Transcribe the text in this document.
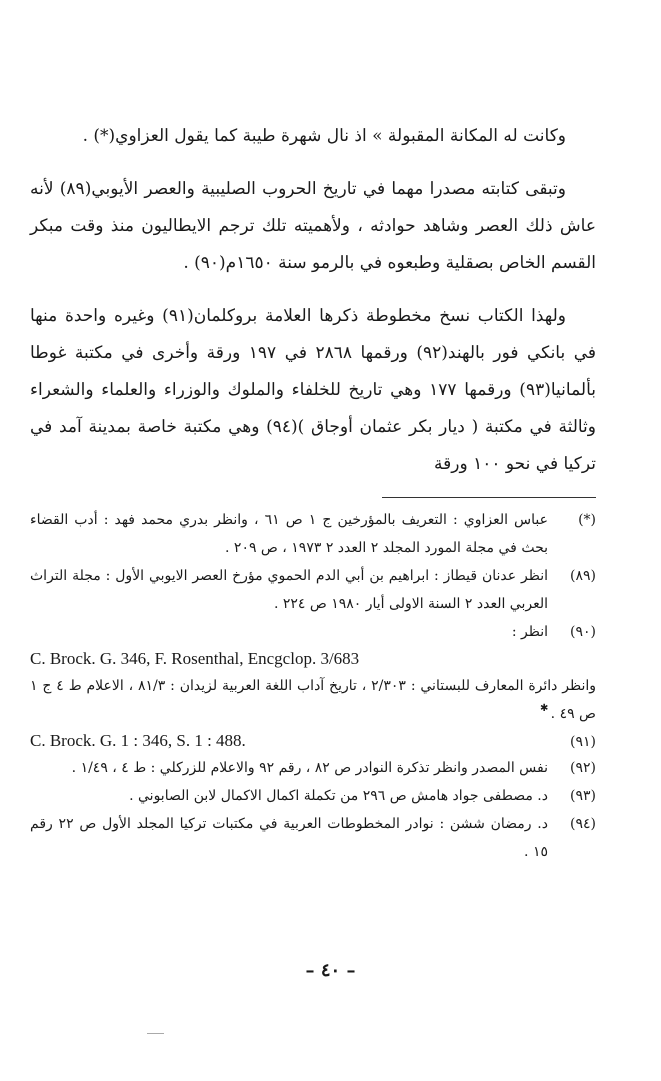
وكانت له المكانة المقبولة » اذ نال شهرة طيبة كما يقول العزاوي(*) .

وتبقى كتابته مصدرا مهما في تاريخ الحروب الصليبية والعصر الأيوبي(٨٩) لأنه عاش ذلك العصر وشاهد حوادثه ، ولأهميته تلك ترجم الايطاليون منذ وقت مبكر القسم الخاص بصقلية وطبعوه في بالرمو سنة ١٦٥٠م(٩٠) .

ولهذا الكتاب نسخ مخطوطة ذكرها العلامة بروكلمان(٩١) وغيره واحدة منها في بانكي فور بالهند(٩٢) ورقمها ٢٨٦٨ في ١٩٧ ورقة وأخرى في مكتبة غوطا بألمانيا(٩٣) ورقمها ١٧٧ وهي تاريخ للخلفاء والملوك والوزراء والعلماء والشعراء وثالثة في مكتبة ( ديار بكر عثمان أوجاق )(٩٤) وهي مكتبة خاصة بمدينة آمد في تركيا في نحو ١٠٠ ورقة

(*)
عباس العزاوي : التعريف بالمؤرخين ج ١ ص ٦١ ، وانظر بدري محمد فهد : أدب القضاء بحث في مجلة المورد المجلد ٢ العدد ٢ ١٩٧٣ ، ص ٢٠٩ .
(٨٩)
انظر عدنان قيطاز : ابراهيم بن أبي الدم الحموي مؤرخ العصر الايوبي الأول : مجلة التراث العربي العدد ٢ السنة الاولى أيار ١٩٨٠ ص ٢٢٤ .
(٩٠)
انظر :
C. Brock. G. 346, F. Rosenthal, Encgclop. 3/683
وانظر دائرة المعارف للبستاني : ٢/٣٠٣ ، تاريخ آداب اللغة العربية لزيدان : ٨١/٣ ، الاعلام ط ٤ ج ١ ص ٤٩ .
(٩١)
C. Brock. G. 1 : 346, S. 1 : 488.
(٩٢)
نفس المصدر وانظر تذكرة النوادر ص ٨٢ ، رقم ٩٢ والاعلام للزركلي : ط ٤ ، ١/٤٩ .
(٩٣)
د. مصطفى جواد هامش ص ٢٩٦ من تكملة اكمال الاكمال لابن الصابوني .
(٩٤)
د. رمضان ششن : نوادر المخطوطات العربية في مكتبات تركيا المجلد الأول ص ٢٢ رقم ١٥ .
✱
– ٤٠ –
